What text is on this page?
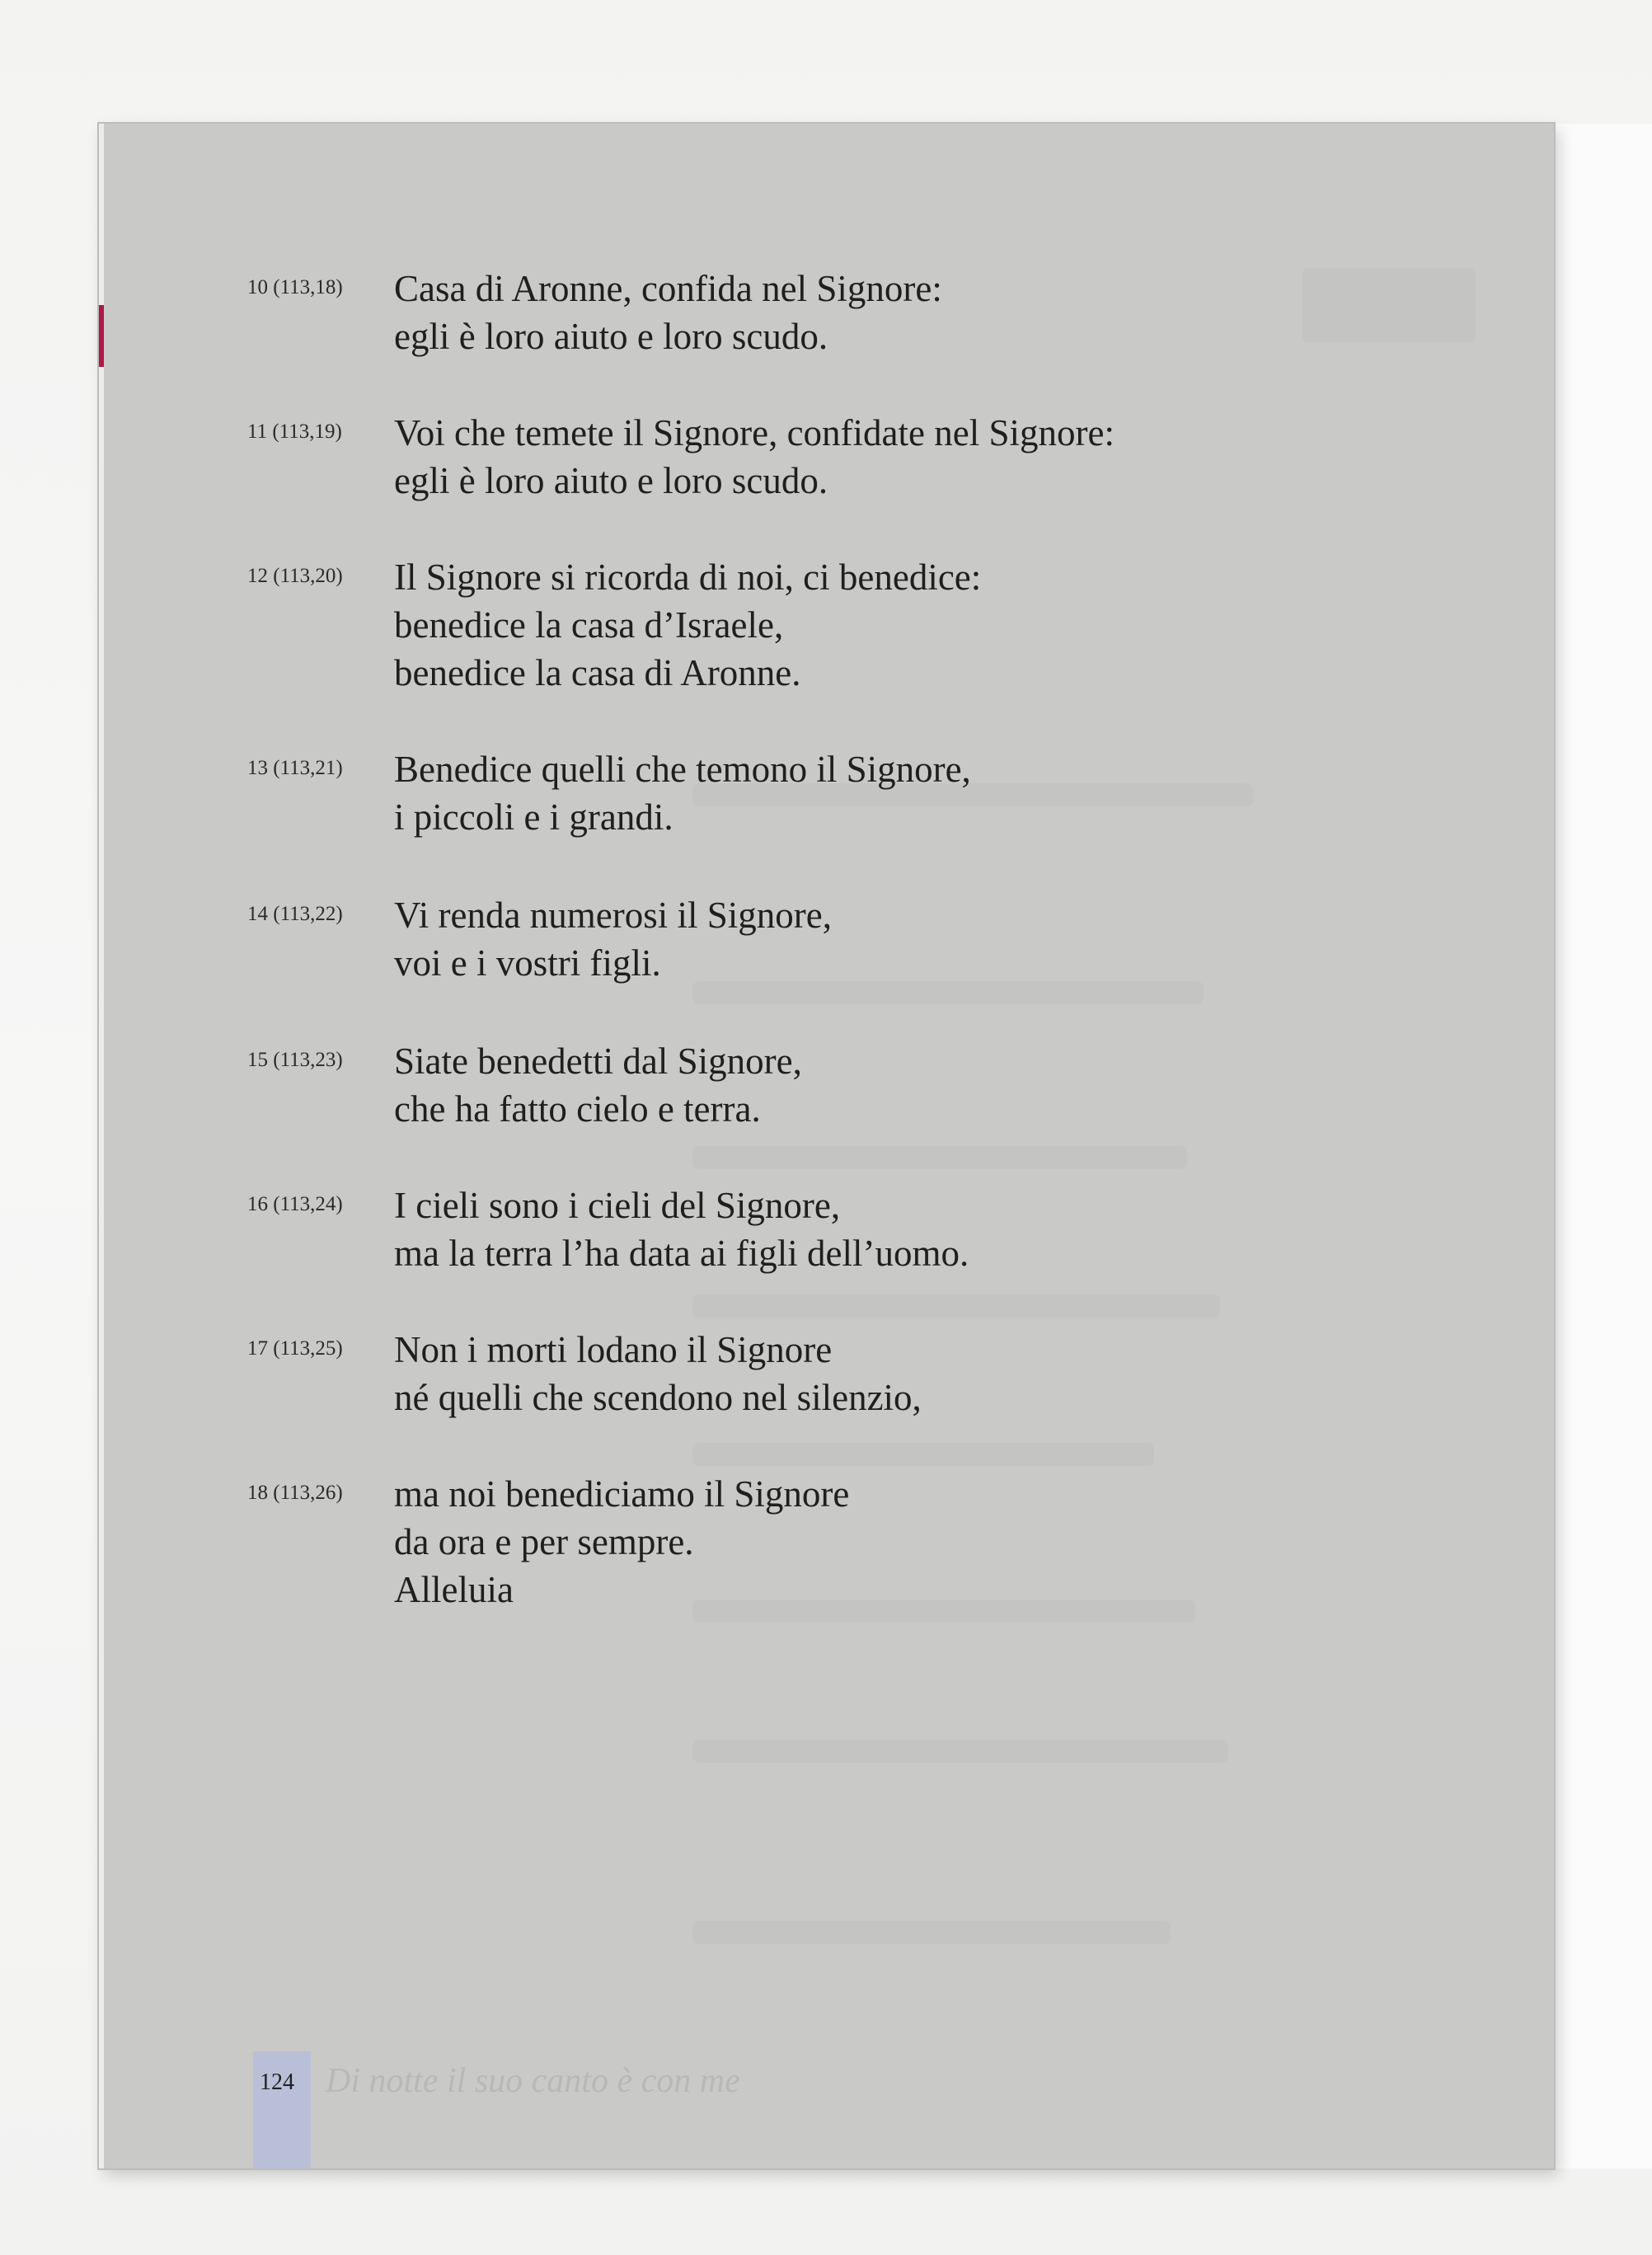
10 (113,18) Casa di Aronne, confida nel Signore:
egli è loro aiuto e loro scudo.
11 (113,19) Voi che temete il Signore, confidate nel Signore:
egli è loro aiuto e loro scudo.
12 (113,20) Il Signore si ricorda di noi, ci benedice:
benedice la casa d’Israele,
benedice la casa di Aronne.
13 (113,21) Benedice quelli che temono il Signore,
i piccoli e i grandi.
14 (113,22) Vi renda numerosi il Signore,
voi e i vostri figli.
15 (113,23) Siate benedetti dal Signore,
che ha fatto cielo e terra.
16 (113,24) I cieli sono i cieli del Signore,
ma la terra l’ha data ai figli dell’uomo.
17 (113,25) Non i morti lodano il Signore
né quelli che scendono nel silenzio,
18 (113,26) ma noi benediciamo il Signore
da ora e per sempre.
Alleluia
124 Di notte il suo canto è con me
